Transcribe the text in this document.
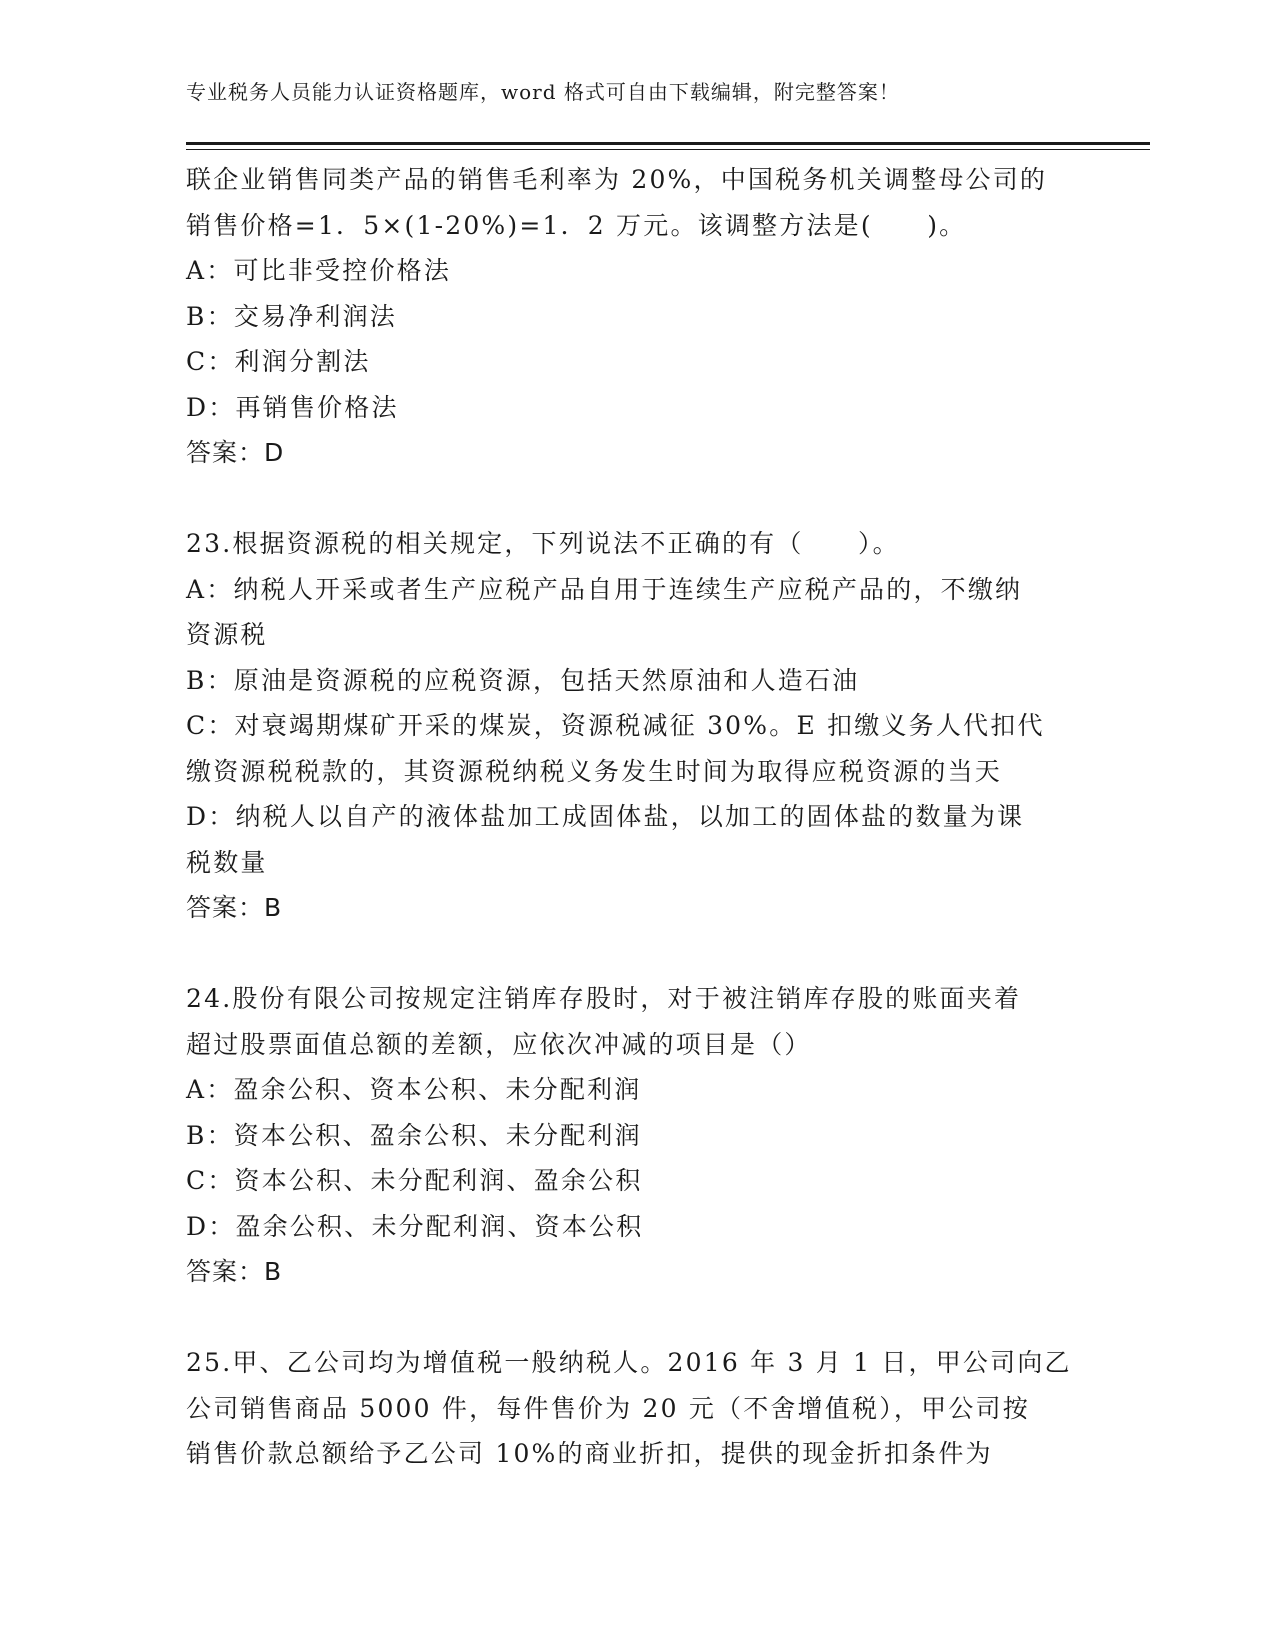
专业税务人员能力认证资格题库，word 格式可自由下载编辑，附完整答案！
联企业销售同类产品的销售毛利率为 20%，中国税务机关调整母公司的
销售价格=1．5×(1-20%)=1．2 万元。该调整方法是(　　)。
A：可比非受控价格法
B：交易净利润法
C：利润分割法
D：再销售价格法
答案：D
23.根据资源税的相关规定，下列说法不正确的有（　　）。
A：纳税人开采或者生产应税产品自用于连续生产应税产品的，不缴纳
资源税
B：原油是资源税的应税资源，包括天然原油和人造石油
C：对衰竭期煤矿开采的煤炭，资源税减征 30%。E 扣缴义务人代扣代
缴资源税税款的，其资源税纳税义务发生时间为取得应税资源的当天
D：纳税人以自产的液体盐加工成固体盐，以加工的固体盐的数量为课
税数量
答案：B
24.股份有限公司按规定注销库存股时，对于被注销库存股的账面夹着
超过股票面值总额的差额，应依次冲减的项目是（）
A：盈余公积、资本公积、未分配利润
B：资本公积、盈余公积、未分配利润
C：资本公积、未分配利润、盈余公积
D：盈余公积、未分配利润、资本公积
答案：B
25.甲、乙公司均为增值税一般纳税人。2016 年 3 月 1 日，甲公司向乙
公司销售商品 5000 件，每件售价为 20 元（不舍增值税），甲公司按
销售价款总额给予乙公司 10%的商业折扣，提供的现金折扣条件为
